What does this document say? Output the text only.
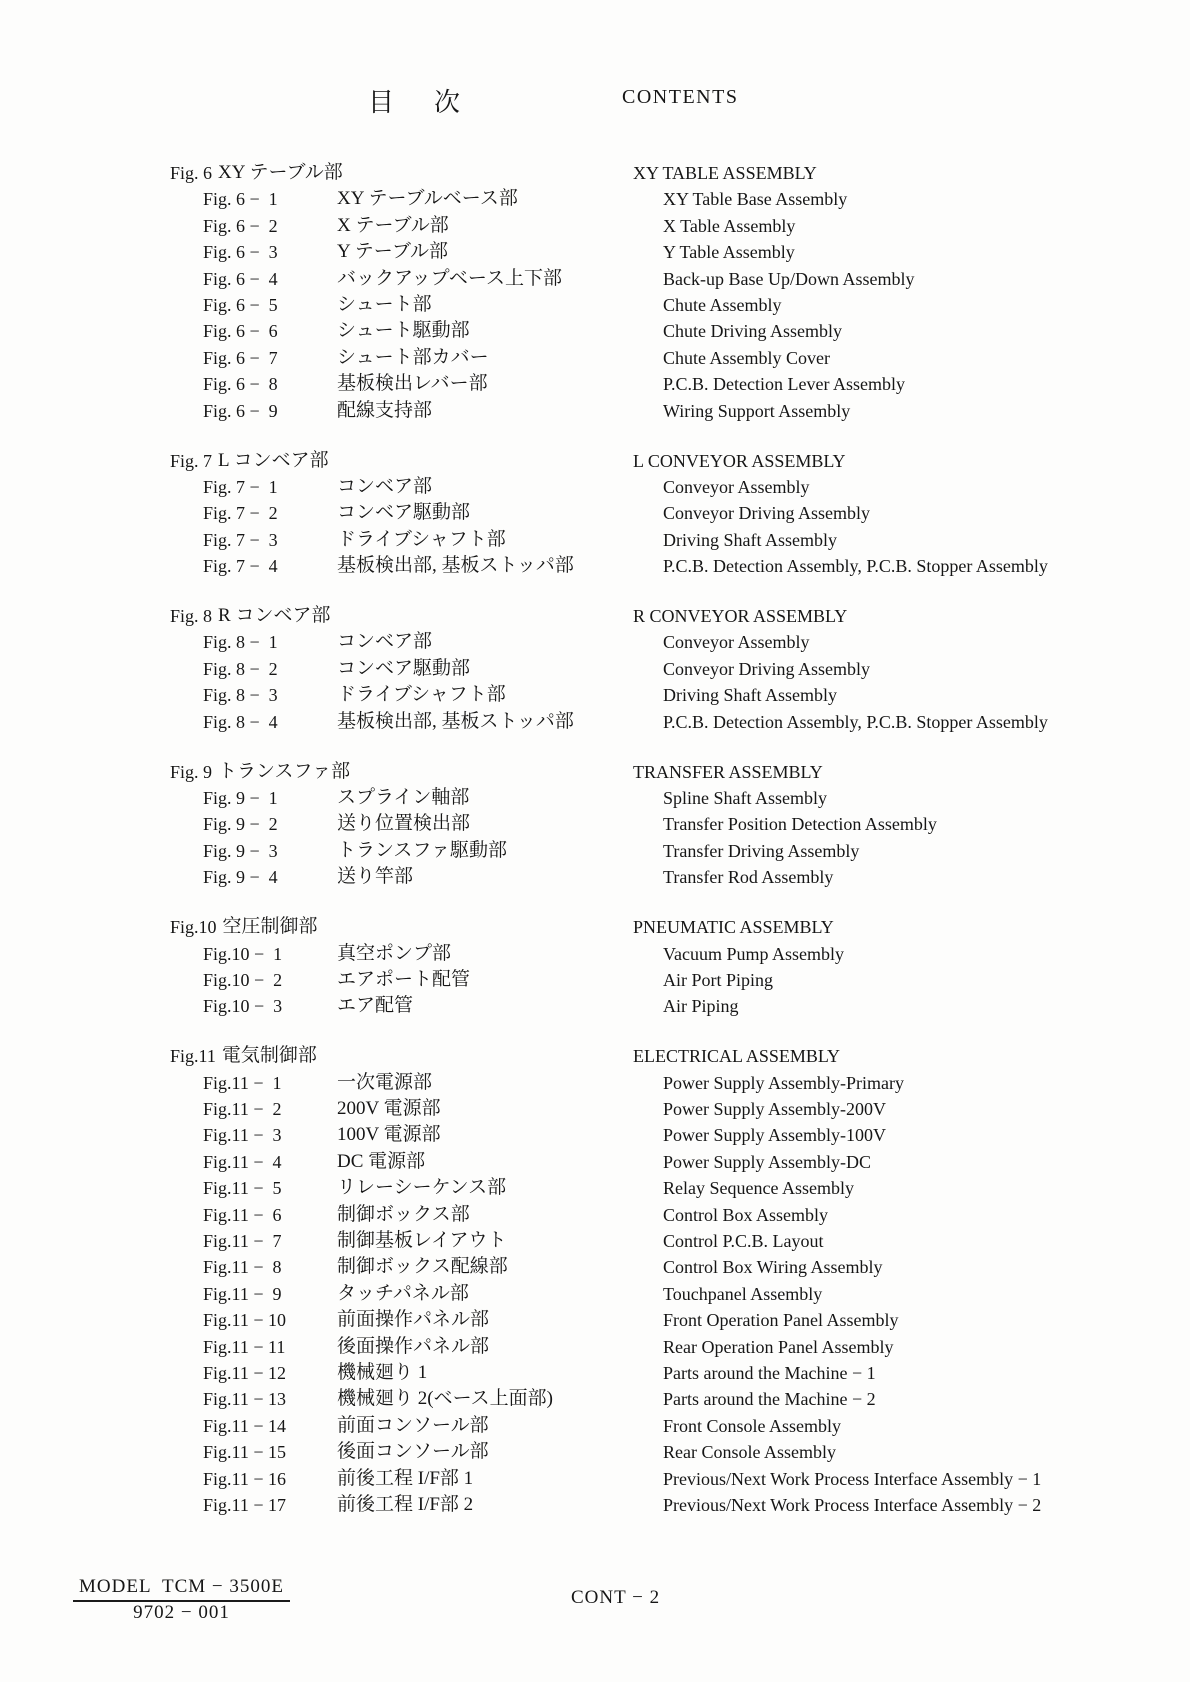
目次	CONTENTS
Fig. 6 XY テーブル部	XY TABLE ASSEMBLY
Fig. 6 −  1	XY テーブルベース部	XY Table Base Assembly
Fig. 6 −  2	X テーブル部	X Table Assembly
Fig. 6 −  3	Y テーブル部	Y Table Assembly
Fig. 6 −  4	バックアップベース上下部	Back-up Base Up/Down Assembly
Fig. 6 −  5	シュート部	Chute Assembly
Fig. 6 −  6	シュート駆動部	Chute Driving Assembly
Fig. 6 −  7	シュート部カバー	Chute Assembly Cover
Fig. 6 −  8	基板検出レバー部	P.C.B. Detection Lever Assembly
Fig. 6 −  9	配線支持部	Wiring Support Assembly
Fig. 7 L コンベア部	L CONVEYOR ASSEMBLY
Fig. 7 −  1	コンベア部	Conveyor Assembly
Fig. 7 −  2	コンベア駆動部	Conveyor Driving Assembly
Fig. 7 −  3	ドライブシャフト部	Driving Shaft Assembly
Fig. 7 −  4	基板検出部, 基板ストッパ部	P.C.B. Detection Assembly, P.C.B. Stopper Assembly
Fig. 8 R コンベア部	R CONVEYOR ASSEMBLY
Fig. 8 −  1	コンベア部	Conveyor Assembly
Fig. 8 −  2	コンベア駆動部	Conveyor Driving Assembly
Fig. 8 −  3	ドライブシャフト部	Driving Shaft Assembly
Fig. 8 −  4	基板検出部, 基板ストッパ部	P.C.B. Detection Assembly, P.C.B. Stopper Assembly
Fig. 9 トランスファ部	TRANSFER ASSEMBLY
Fig. 9 −  1	スプライン軸部	Spline Shaft Assembly
Fig. 9 −  2	送り位置検出部	Transfer Position Detection Assembly
Fig. 9 −  3	トランスファ駆動部	Transfer Driving Assembly
Fig. 9 −  4	送り竿部	Transfer Rod Assembly
Fig.10 空圧制御部	PNEUMATIC ASSEMBLY
Fig.10 −  1	真空ポンプ部	Vacuum Pump Assembly
Fig.10 −  2	エアポート配管	Air Port Piping
Fig.10 −  3	エア配管	Air Piping
Fig.11 電気制御部	ELECTRICAL ASSEMBLY
Fig.11 −  1	一次電源部	Power Supply Assembly-Primary
Fig.11 −  2	200V 電源部	Power Supply Assembly-200V
Fig.11 −  3	100V 電源部	Power Supply Assembly-100V
Fig.11 −  4	DC 電源部	Power Supply Assembly-DC
Fig.11 −  5	リレーシーケンス部	Relay Sequence Assembly
Fig.11 −  6	制御ボックス部	Control Box Assembly
Fig.11 −  7	制御基板レイアウト	Control P.C.B. Layout
Fig.11 −  8	制御ボックス配線部	Control Box Wiring Assembly
Fig.11 −  9	タッチパネル部	Touchpanel Assembly
Fig.11 − 10	前面操作パネル部	Front Operation Panel Assembly
Fig.11 − 11	後面操作パネル部	Rear Operation Panel Assembly
Fig.11 − 12	機械廻り 1	Parts around the Machine − 1
Fig.11 − 13	機械廻り 2(ベース上面部)	Parts around the Machine − 2
Fig.11 − 14	前面コンソール部	Front Console Assembly
Fig.11 − 15	後面コンソール部	Rear Console Assembly
Fig.11 − 16	前後工程 I/F部 1	Previous/Next Work Process Interface Assembly − 1
Fig.11 − 17	前後工程 I/F部 2	Previous/Next Work Process Interface Assembly − 2
MODEL  TCM − 3500E
9702 − 001
CONT − 2
